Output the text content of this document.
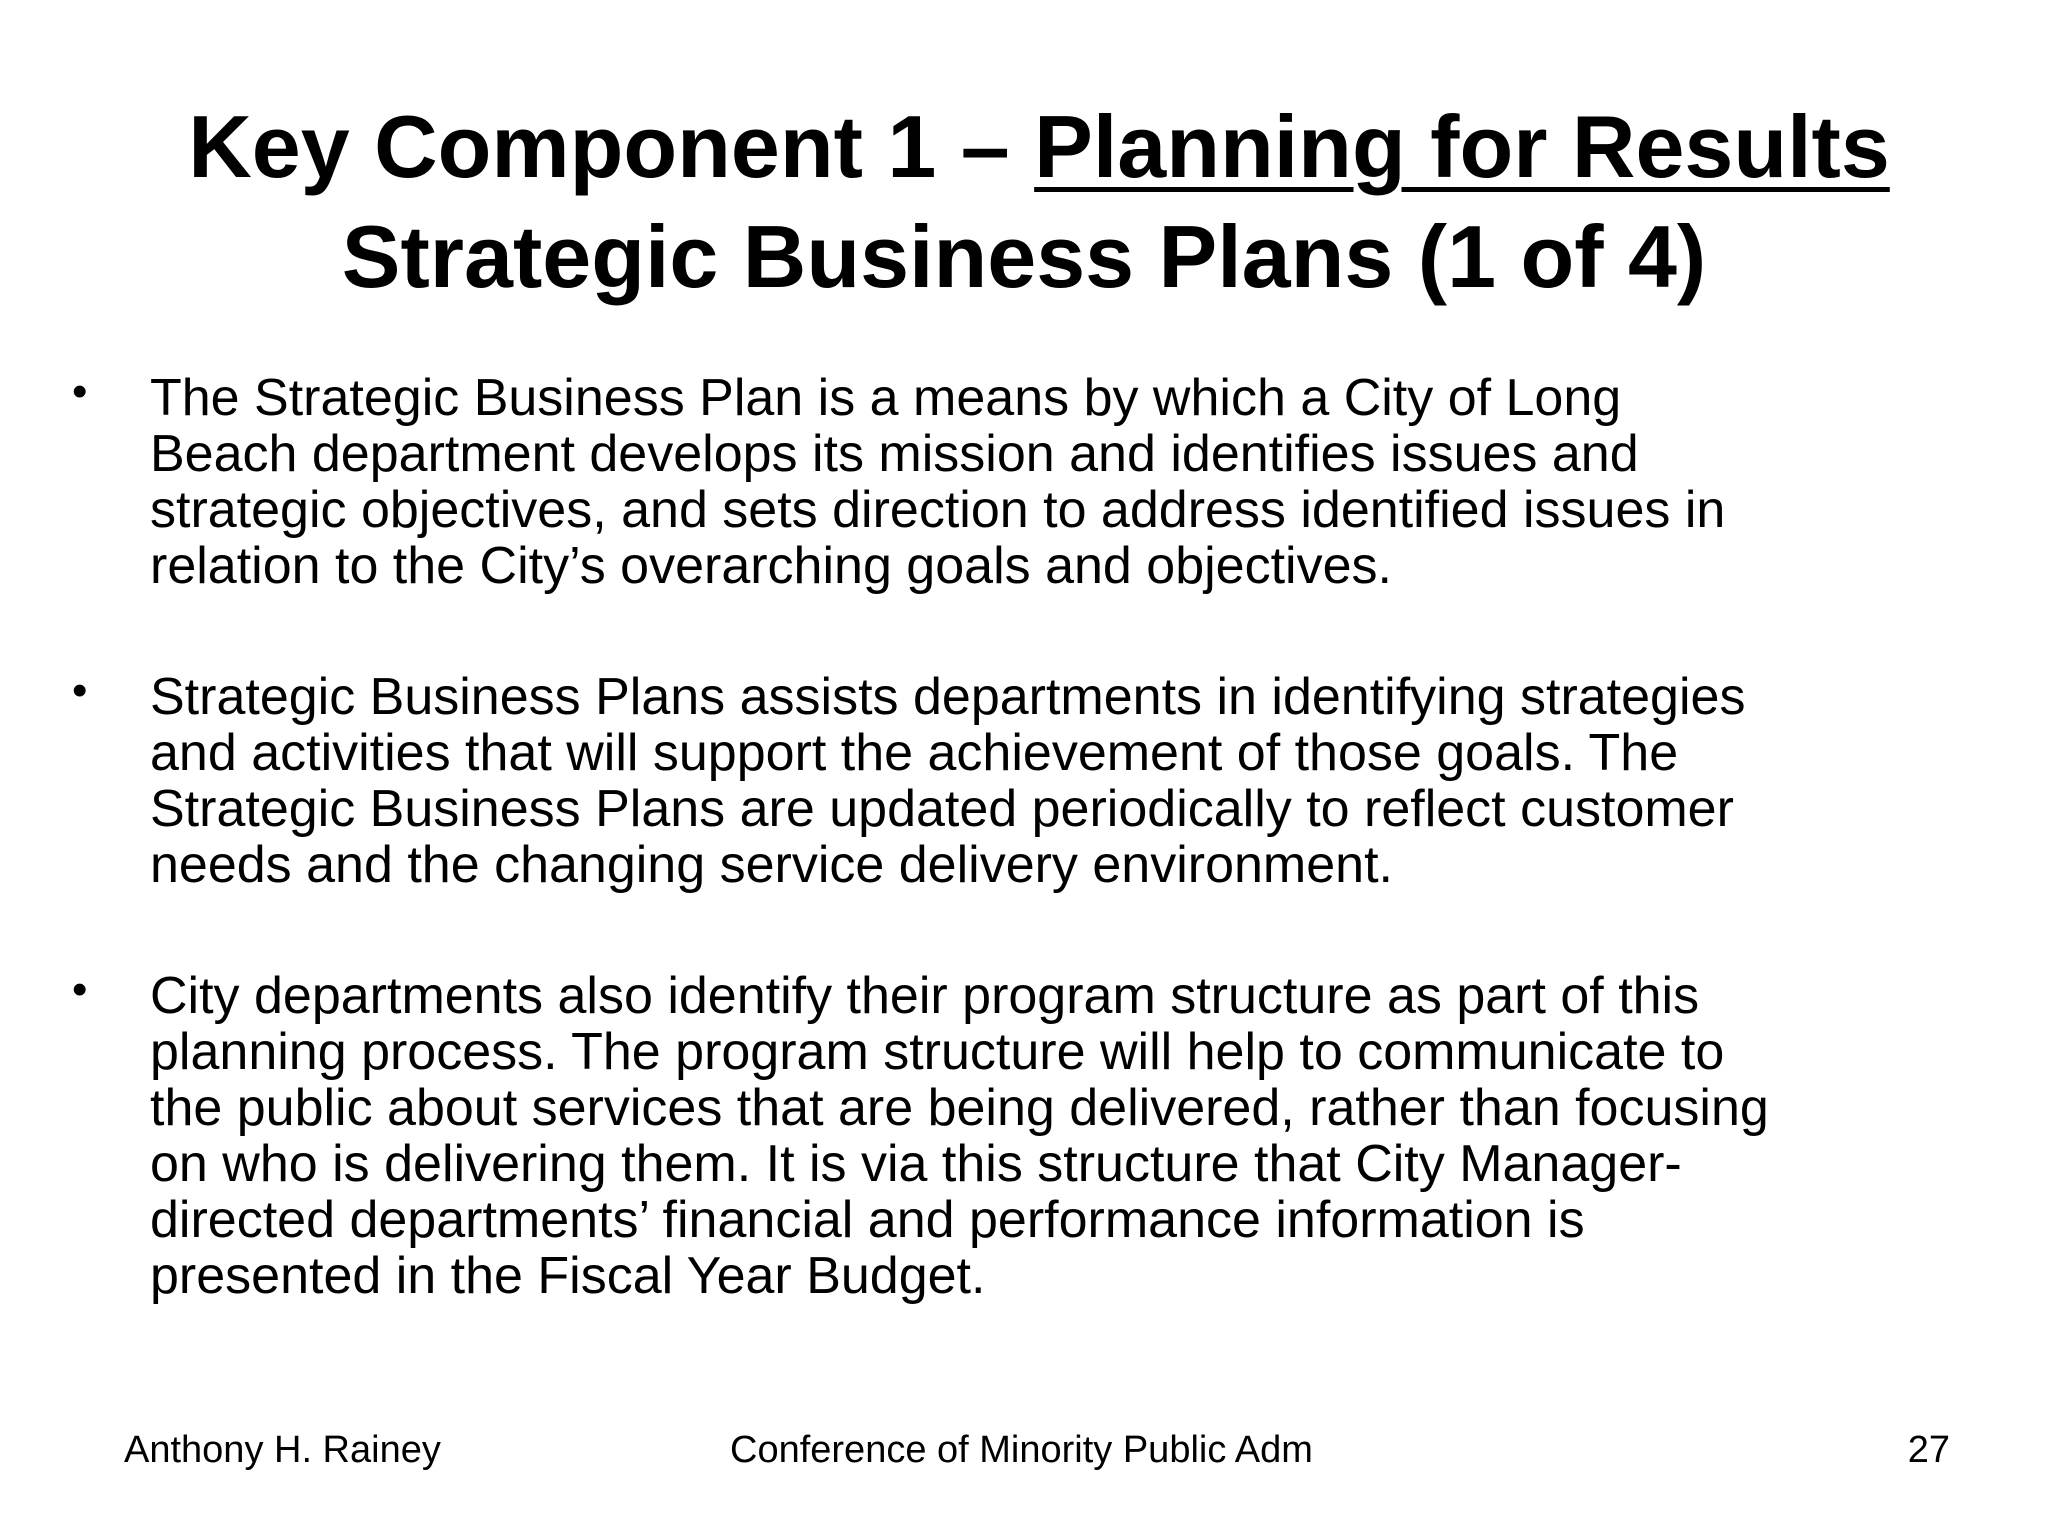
Key Component 1 – Planning for Results
Strategic Business Plans (1 of 4)
• The Strategic Business Plan is a means by which a City of Long
Beach department develops its mission and identifies issues and
strategic objectives, and sets direction to address identified issues in
relation to the City’s overarching goals and objectives.
• Strategic Business Plans assists departments in identifying strategies
and activities that will support the achievement of those goals. The
Strategic Business Plans are updated periodically to reflect customer
needs and the changing service delivery environment.
• City departments also identify their program structure as part of this
planning process. The program structure will help to communicate to
the public about services that are being delivered, rather than focusing
on who is delivering them. It is via this structure that City Manager-
directed departments’ financial and performance information is
presented in the Fiscal Year Budget.
Anthony H. Rainey	Conference of Minority Public Adm	27
